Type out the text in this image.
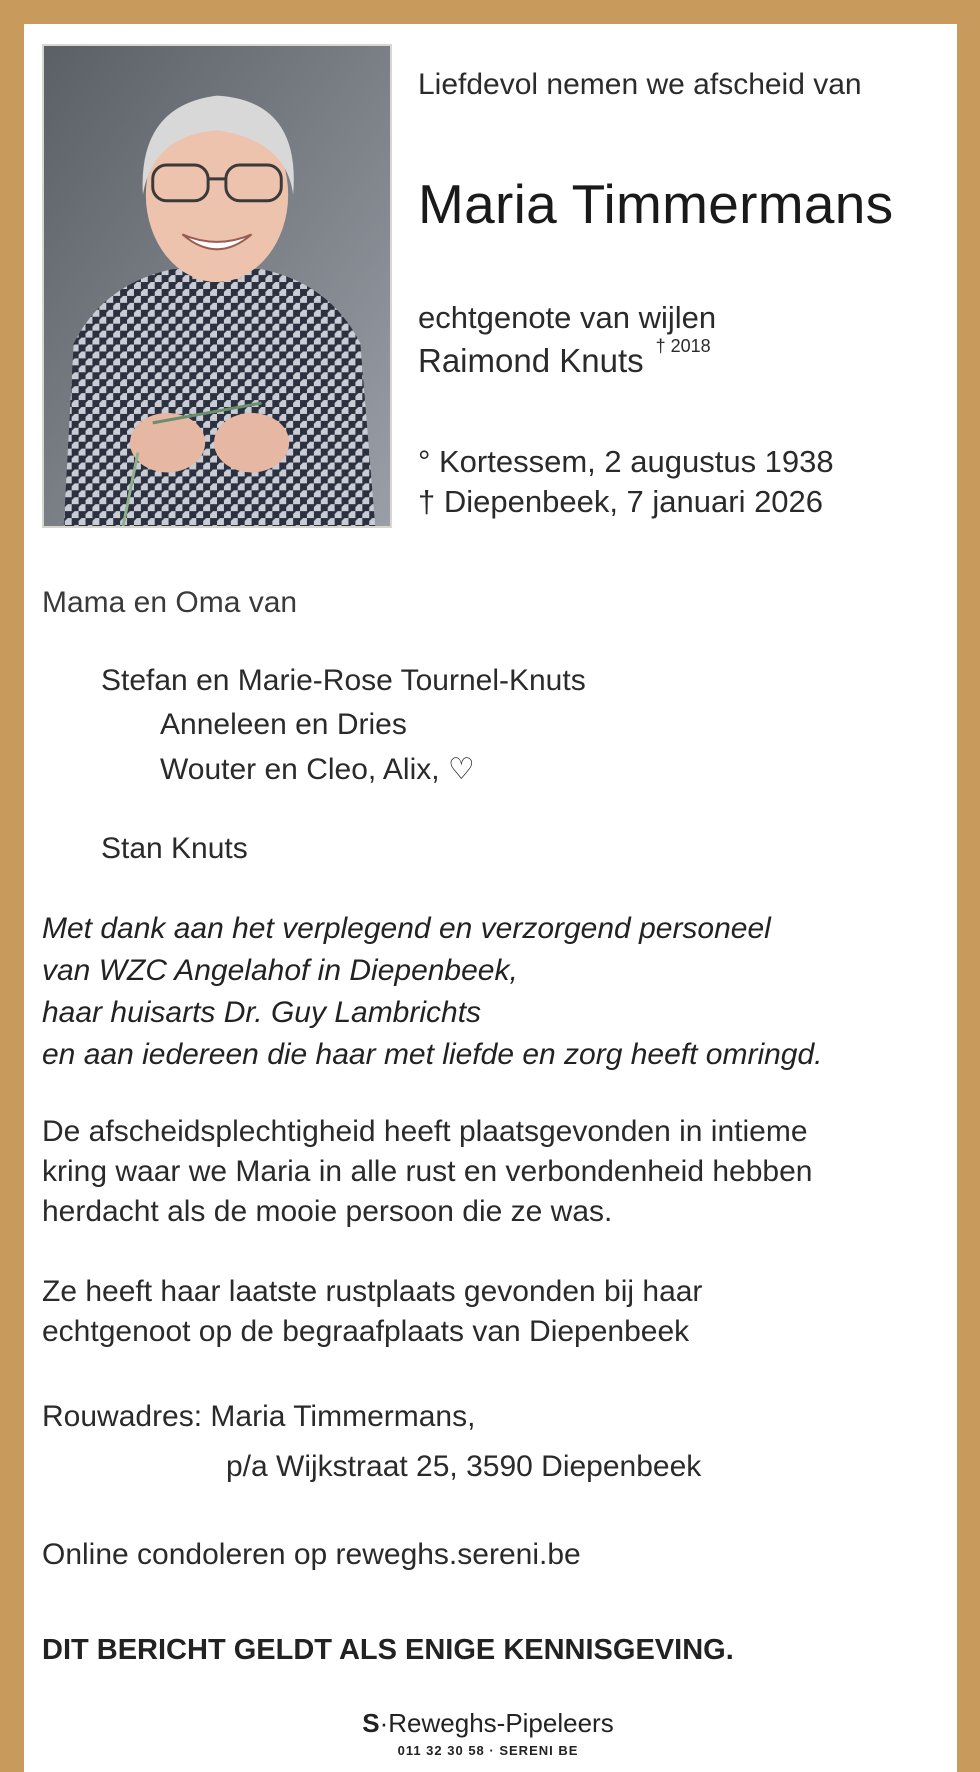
Liefdevol nemen we afscheid van
Maria Timmermans
echtgenote van wijlen
Raimond Knuts $^{\dagger 2018}$
° Kortessem, 2 augustus 1938
† Diepenbeek, 7 januari 2026
Mama en Oma van
Stefan en Marie-Rose Tournel-Knuts
Anneleen en Dries
Wouter en Cleo, Alix, ♡
Stan Knuts
Met dank aan het verplegend en verzorgend personeel
van WZC Angelahof in Diepenbeek,
haar huisarts Dr. Guy Lambrichts
en aan iedereen die haar met liefde en zorg heeft omringd.
De afscheidsplechtigheid heeft plaatsgevonden in intieme
kring waar we Maria in alle rust en verbondenheid hebben
herdacht als de mooie persoon die ze was.
Ze heeft haar laatste rustplaats gevonden bij haar
echtgenoot op de begraafplaats van Diepenbeek
Rouwadres: Maria Timmermans,
p/a Wijkstraat 25, 3590 Diepenbeek
Online condoleren op reweghs.sereni.be
DIT BERICHT GELDT ALS ENIGE KENNISGEVING.
S·Reweghs-Pipeleers
011 32 30 58 · SERENI BE
